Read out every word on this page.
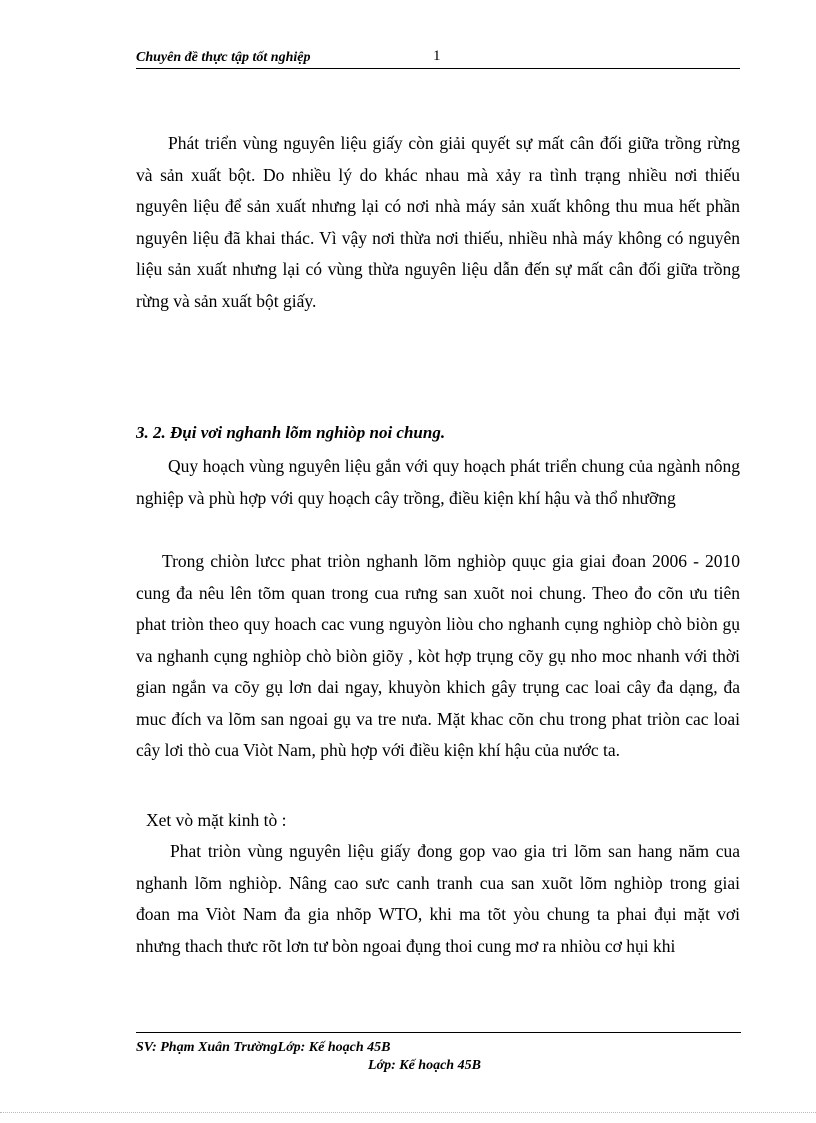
Chuyên đề thực tập tốt nghiệp	1

Phát triển vùng nguyên liệu giấy còn giải quyết sự mất cân đối giữa trồng rừng và sản xuất bột. Do nhiều lý do khác nhau mà xảy ra tình trạng nhiều nơi thiếu nguyên liệu để sản xuất nhưng lại có nơi nhà máy sản xuất không thu mua hết phần nguyên liệu đã khai thác. Vì vậy nơi thừa nơi thiếu, nhiều nhà máy không có nguyên liệu sản xuất nhưng lại có vùng thừa nguyên liệu dẫn đến sự mất cân đối giữa trồng rừng và sản xuất bột giấy.

3. 2. Đụi vơi nghanh lõm nghiòp noi chung.

Quy hoạch vùng nguyên liệu gắn với quy hoạch phát triển chung của ngành nông nghiệp và phù hợp với quy hoạch cây trồng, điều kiện khí hậu và thổ nhưỡng

Trong chiòn lưcc phat triòn nghanh lõm nghiòp quục gia giai đoan 2006 - 2010 cung đa nêu lên tõm quan trong cua rưng san xuõt noi chung. Theo đo cõn ưu tiên phat triòn theo quy hoach cac vung nguyòn liòu cho nghanh cụng nghiòp chò biòn gụ va nghanh cụng nghiòp chò biòn giõy , kòt hợp trụng cõy gụ nho moc nhanh với thời gian ngắn va cõy gụ lơn dai ngay, khuyòn khich gây trụng cac loai cây đa dạng, đa muc đích va lõm san ngoai gụ va tre nưa. Mặt khac cõn chu trong phat triòn cac loai cây lơi thò cua Viòt Nam, phù hợp với điều kiện khí hậu của nước ta.

Xet vò mặt kinh tò :

Phat triòn vùng nguyên liệu giấy đong gop vao gia tri lõm san hang năm cua nghanh lõm nghiòp. Nâng cao sưc canh tranh cua san xuõt lõm nghiòp trong giai đoan ma Viòt Nam đa gia nhõp WTO, khi ma tõt yòu chung ta phai đụi mặt vơi nhưng thach thưc rõt lơn tư bòn ngoai đụng thoi cung mơ ra nhiòu cơ hụi khi

SV: Phạm Xuân TrườngLớp: Kế hoạch 45B
Lớp: Kế hoạch 45B
